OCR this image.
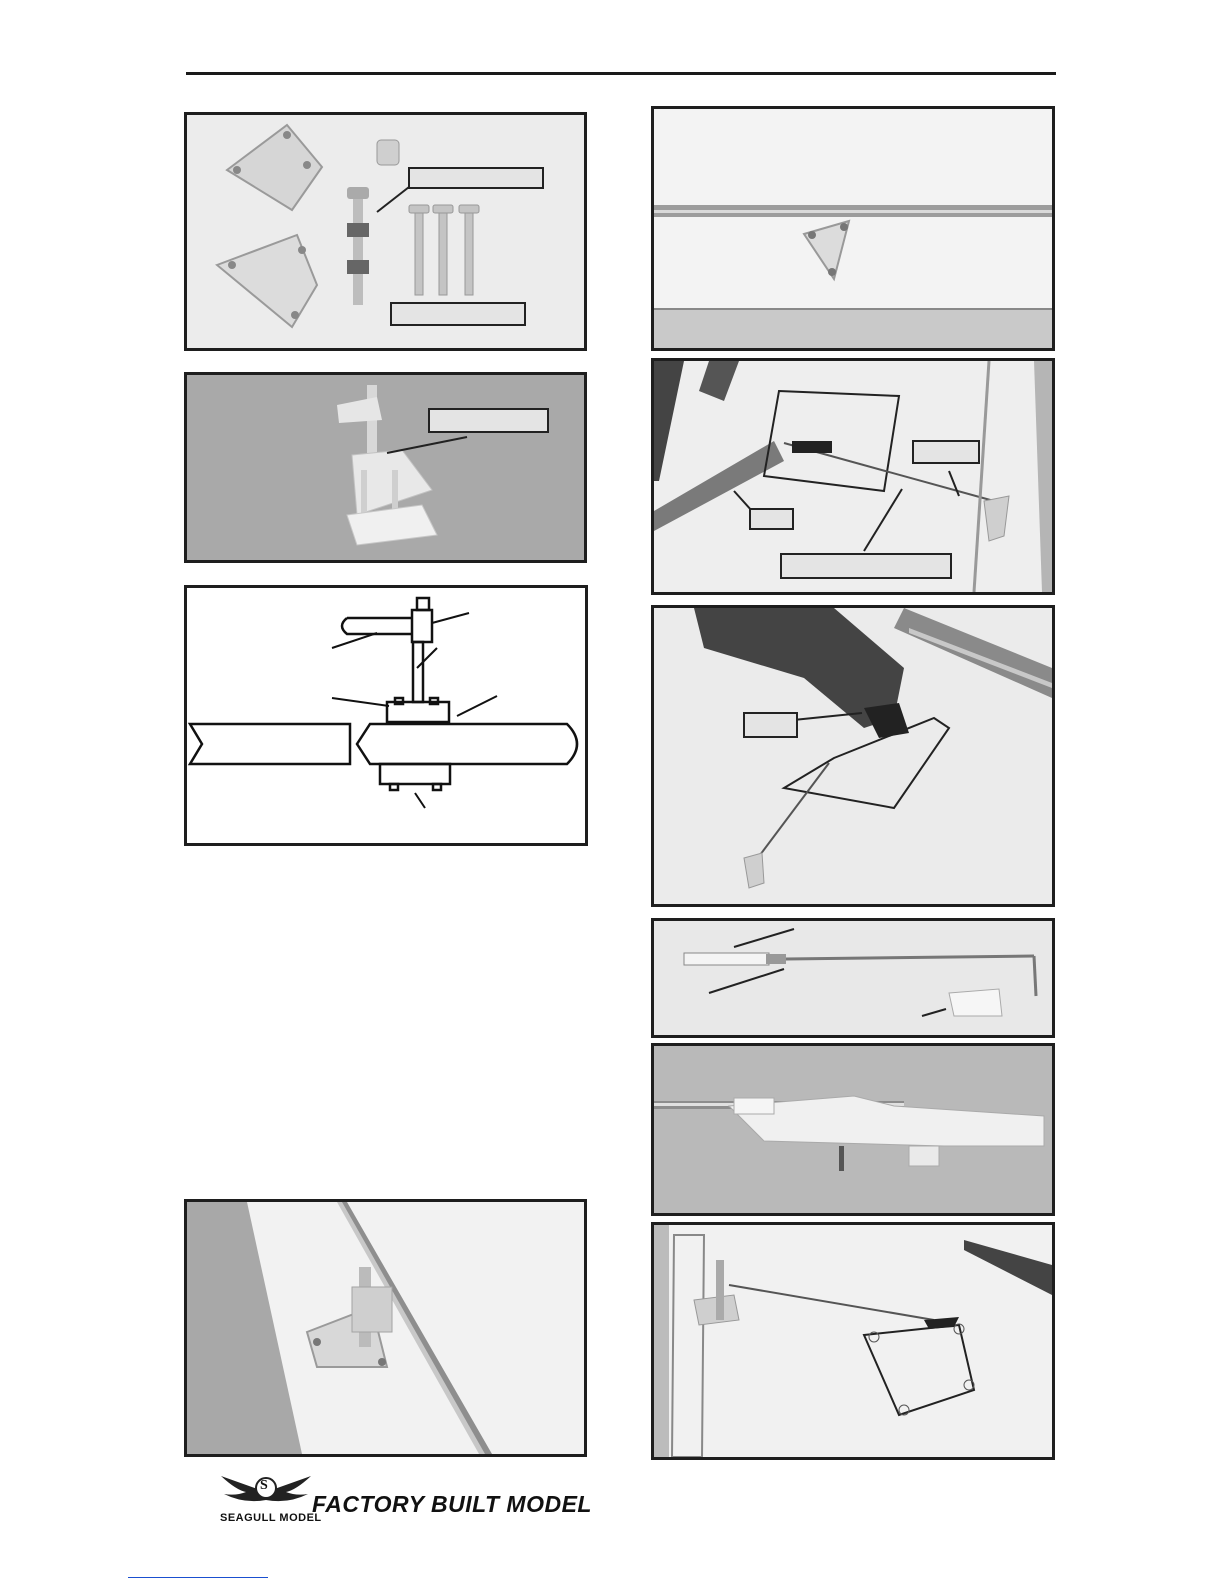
S
SEAGULL MODEL
FACTORY BUILT MODEL
